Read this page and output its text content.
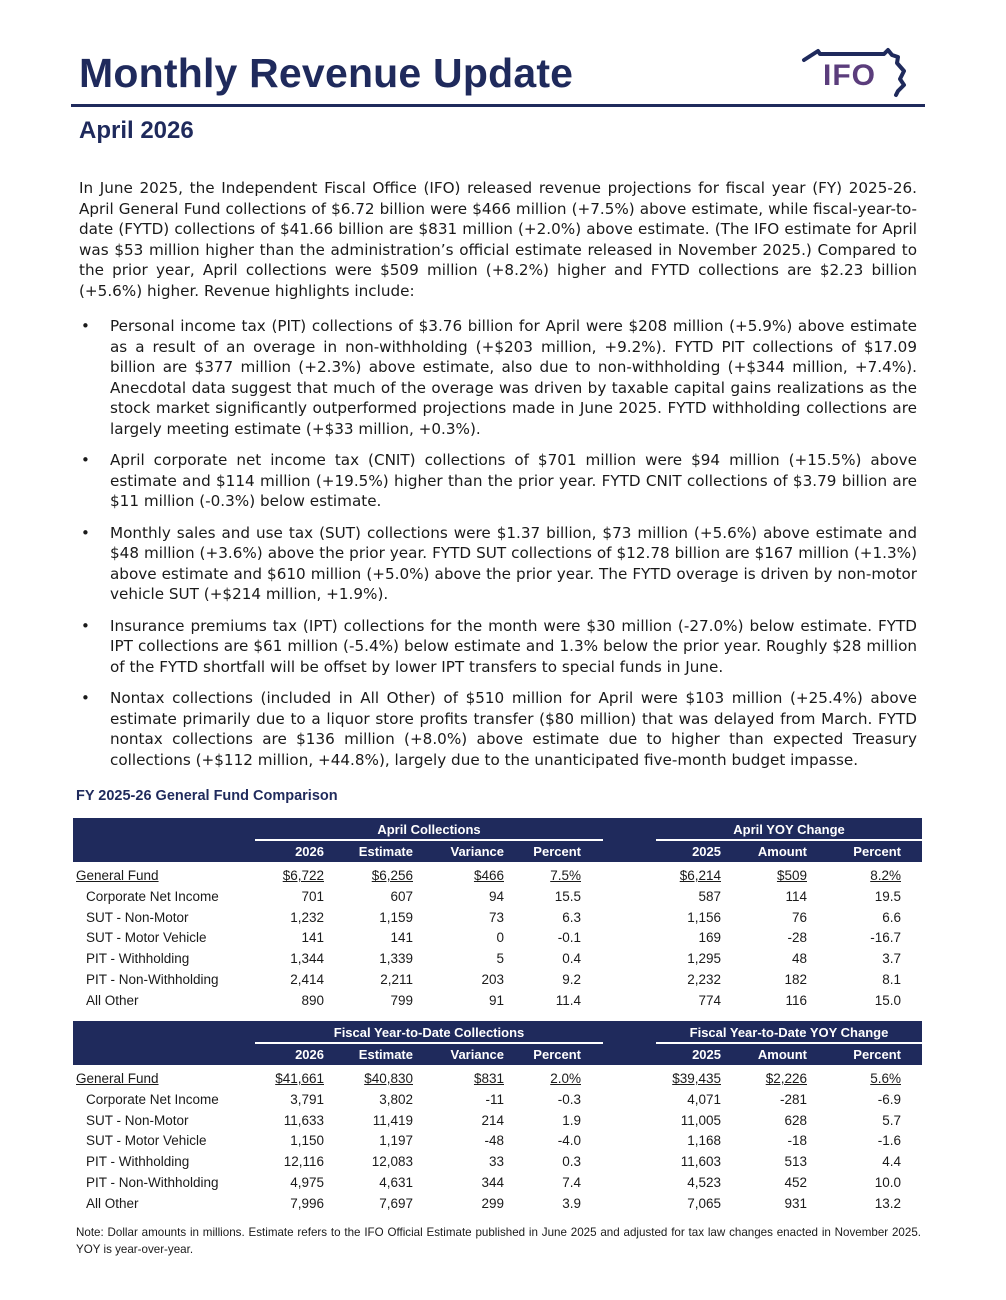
Monthly Revenue Update	IFO
April 2026

In June 2025, the Independent Fiscal Office (IFO) released revenue projections for fiscal year (FY) 2025-26. April General Fund collections of $6.72 billion were $466 million (+7.5%) above estimate, while fiscal-year-to-date (FYTD) collections of $41.66 billion are $831 million (+2.0%) above estimate. (The IFO estimate for April was $53 million higher than the administration’s official estimate released in November 2025.) Compared to the prior year, April collections were $509 million (+8.2%) higher and FYTD collections are $2.23 billion (+5.6%) higher. Revenue highlights include:

• Personal income tax (PIT) collections of $3.76 billion for April were $208 million (+5.9%) above estimate as a result of an overage in non-withholding (+$203 million, +9.2%). FYTD PIT collections of $17.09 billion are $377 million (+2.3%) above estimate, also due to non-withholding (+$344 million, +7.4%). Anecdotal data suggest that much of the overage was driven by taxable capital gains realizations as the stock market significantly outperformed projections made in June 2025. FYTD withholding collections are largely meeting estimate (+$33 million, +0.3%).
• April corporate net income tax (CNIT) collections of $701 million were $94 million (+15.5%) above estimate and $114 million (+19.5%) higher than the prior year. FYTD CNIT collections of $3.79 billion are $11 million (-0.3%) below estimate.
• Monthly sales and use tax (SUT) collections were $1.37 billion, $73 million (+5.6%) above estimate and $48 million (+3.6%) above the prior year. FYTD SUT collections of $12.78 billion are $167 million (+1.3%) above estimate and $610 million (+5.0%) above the prior year. The FYTD overage is driven by non-motor vehicle SUT (+$214 million, +1.9%).
• Insurance premiums tax (IPT) collections for the month were $30 million (-27.0%) below estimate. FYTD IPT collections are $61 million (-5.4%) below estimate and 1.3% below the prior year. Roughly $28 million of the FYTD shortfall will be offset by lower IPT transfers to special funds in June.
• Nontax collections (included in All Other) of $510 million for April were $103 million (+25.4%) above estimate primarily due to a liquor store profits transfer ($80 million) that was delayed from March. FYTD nontax collections are $136 million (+8.0%) above estimate due to higher than expected Treasury collections (+$112 million, +44.8%), largely due to the unanticipated five-month budget impasse.
FY 2025-26 General Fund Comparison
April Collections	April YOY Change
2026	Estimate	Variance	Percent	2025	Amount	Percent
General Fund	$6,722	$6,256	$466	7.5%	$6,214	$509	8.2%
Corporate Net Income	701	607	94	15.5	587	114	19.5
SUT - Non-Motor	1,232	1,159	73	6.3	1,156	76	6.6
SUT - Motor Vehicle	141	141	0	-0.1	169	-28	-16.7
PIT - Withholding	1,344	1,339	5	0.4	1,295	48	3.7
PIT - Non-Withholding	2,414	2,211	203	9.2	2,232	182	8.1
All Other	890	799	91	11.4	774	116	15.0
Fiscal Year-to-Date Collections	Fiscal Year-to-Date YOY Change
2026	Estimate	Variance	Percent	2025	Amount	Percent
General Fund	$41,661	$40,830	$831	2.0%	$39,435	$2,226	5.6%
Corporate Net Income	3,791	3,802	-11	-0.3	4,071	-281	-6.9
SUT - Non-Motor	11,633	11,419	214	1.9	11,005	628	5.7
SUT - Motor Vehicle	1,150	1,197	-48	-4.0	1,168	-18	-1.6
PIT - Withholding	12,116	12,083	33	0.3	11,603	513	4.4
PIT - Non-Withholding	4,975	4,631	344	7.4	4,523	452	10.0
All Other	7,996	7,697	299	3.9	7,065	931	13.2

Note: Dollar amounts in millions. Estimate refers to the IFO Official Estimate published in June 2025 and adjusted for tax law changes enacted in November 2025. YOY is year-over-year.
